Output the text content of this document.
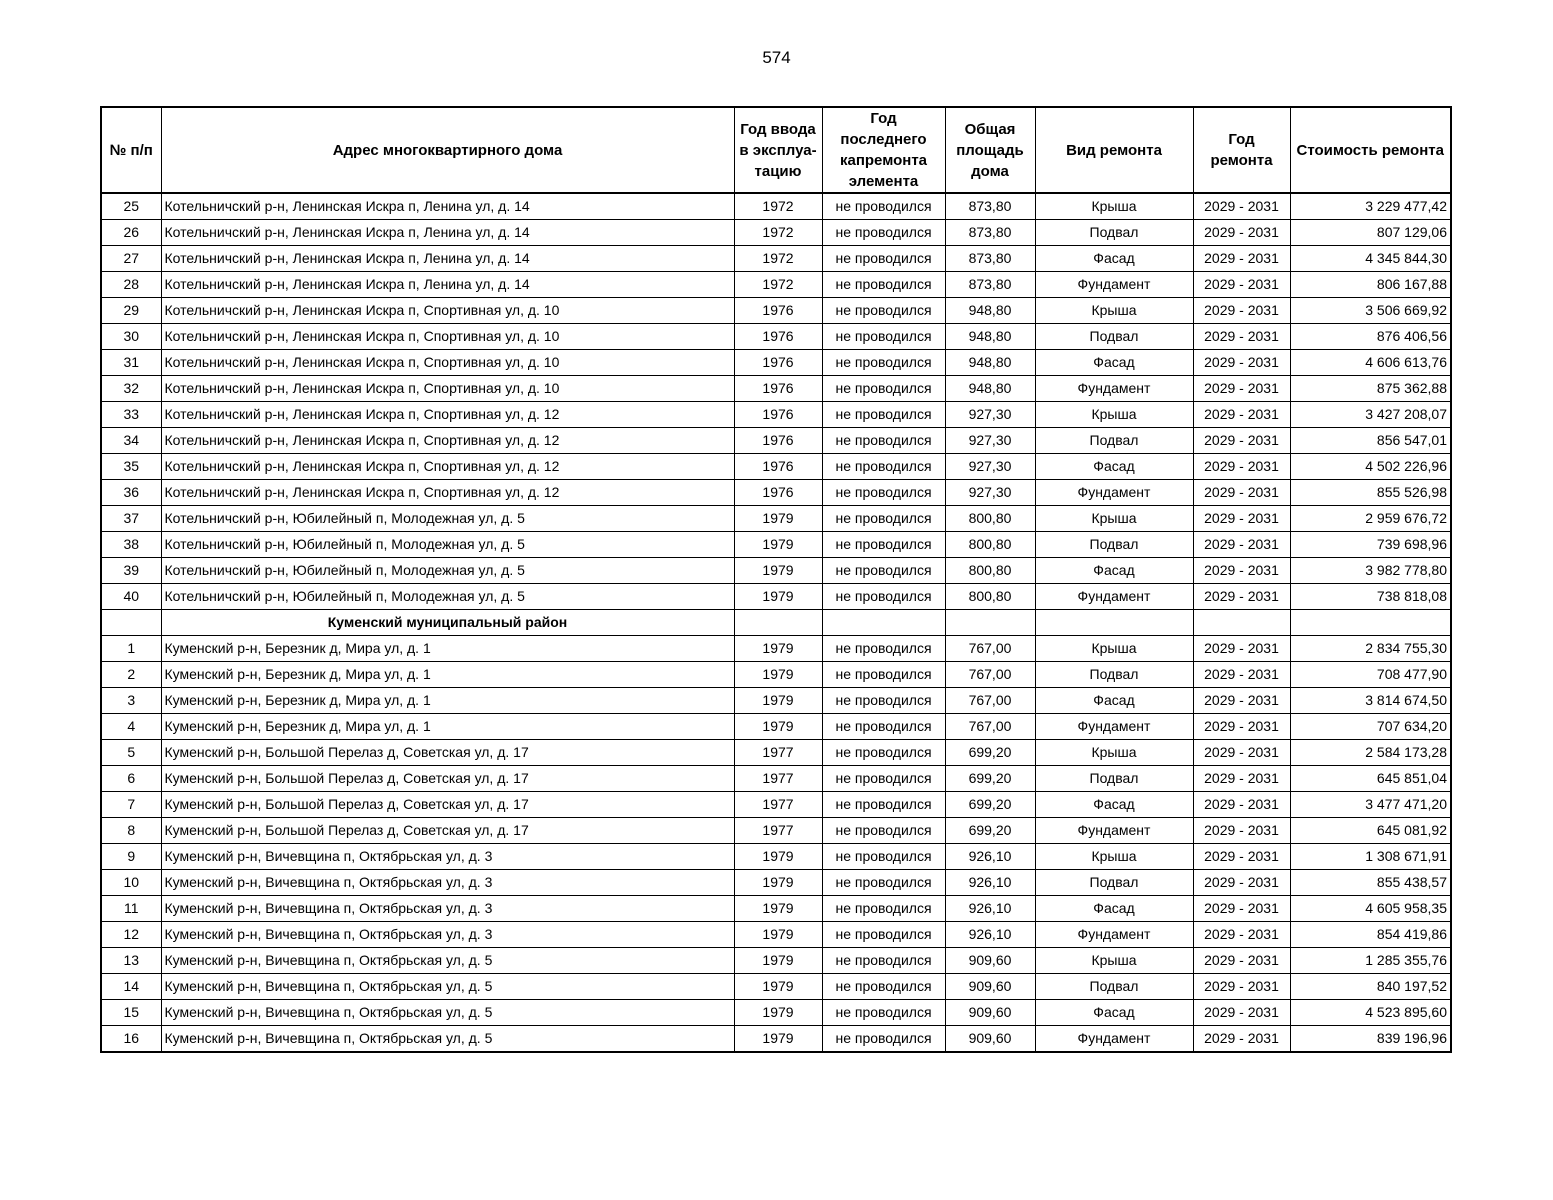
574
№ п/п	Адрес многоквартирного дома	Год ввода в эксплуа-тацию	Год последнего капремонта элемента	Общая площадь дома	Вид ремонта	Год ремонта	Стоимость ремонта
25	Котельничский р-н, Ленинская Искра п, Ленина ул, д. 14	1972	не проводился	873,80	Крыша	2029 - 2031	3 229 477,42
26	Котельничский р-н, Ленинская Искра п, Ленина ул, д. 14	1972	не проводился	873,80	Подвал	2029 - 2031	807 129,06
27	Котельничский р-н, Ленинская Искра п, Ленина ул, д. 14	1972	не проводился	873,80	Фасад	2029 - 2031	4 345 844,30
28	Котельничский р-н, Ленинская Искра п, Ленина ул, д. 14	1972	не проводился	873,80	Фундамент	2029 - 2031	806 167,88
29	Котельничский р-н, Ленинская Искра п, Спортивная ул, д. 10	1976	не проводился	948,80	Крыша	2029 - 2031	3 506 669,92
30	Котельничский р-н, Ленинская Искра п, Спортивная ул, д. 10	1976	не проводился	948,80	Подвал	2029 - 2031	876 406,56
31	Котельничский р-н, Ленинская Искра п, Спортивная ул, д. 10	1976	не проводился	948,80	Фасад	2029 - 2031	4 606 613,76
32	Котельничский р-н, Ленинская Искра п, Спортивная ул, д. 10	1976	не проводился	948,80	Фундамент	2029 - 2031	875 362,88
33	Котельничский р-н, Ленинская Искра п, Спортивная ул, д. 12	1976	не проводился	927,30	Крыша	2029 - 2031	3 427 208,07
34	Котельничский р-н, Ленинская Искра п, Спортивная ул, д. 12	1976	не проводился	927,30	Подвал	2029 - 2031	856 547,01
35	Котельничский р-н, Ленинская Искра п, Спортивная ул, д. 12	1976	не проводился	927,30	Фасад	2029 - 2031	4 502 226,96
36	Котельничский р-н, Ленинская Искра п, Спортивная ул, д. 12	1976	не проводился	927,30	Фундамент	2029 - 2031	855 526,98
37	Котельничский р-н, Юбилейный п, Молодежная ул, д. 5	1979	не проводился	800,80	Крыша	2029 - 2031	2 959 676,72
38	Котельничский р-н, Юбилейный п, Молодежная ул, д. 5	1979	не проводился	800,80	Подвал	2029 - 2031	739 698,96
39	Котельничский р-н, Юбилейный п, Молодежная ул, д. 5	1979	не проводился	800,80	Фасад	2029 - 2031	3 982 778,80
40	Котельничский р-н, Юбилейный п, Молодежная ул, д. 5	1979	не проводился	800,80	Фундамент	2029 - 2031	738 818,08
	Куменский муниципальный район						
1	Куменский р-н, Березник д, Мира ул, д. 1	1979	не проводился	767,00	Крыша	2029 - 2031	2 834 755,30
2	Куменский р-н, Березник д, Мира ул, д. 1	1979	не проводился	767,00	Подвал	2029 - 2031	708 477,90
3	Куменский р-н, Березник д, Мира ул, д. 1	1979	не проводился	767,00	Фасад	2029 - 2031	3 814 674,50
4	Куменский р-н, Березник д, Мира ул, д. 1	1979	не проводился	767,00	Фундамент	2029 - 2031	707 634,20
5	Куменский р-н, Большой Перелаз д, Советская ул, д. 17	1977	не проводился	699,20	Крыша	2029 - 2031	2 584 173,28
6	Куменский р-н, Большой Перелаз д, Советская ул, д. 17	1977	не проводился	699,20	Подвал	2029 - 2031	645 851,04
7	Куменский р-н, Большой Перелаз д, Советская ул, д. 17	1977	не проводился	699,20	Фасад	2029 - 2031	3 477 471,20
8	Куменский р-н, Большой Перелаз д, Советская ул, д. 17	1977	не проводился	699,20	Фундамент	2029 - 2031	645 081,92
9	Куменский р-н, Вичевщина п, Октябрьская ул, д. 3	1979	не проводился	926,10	Крыша	2029 - 2031	1 308 671,91
10	Куменский р-н, Вичевщина п, Октябрьская ул, д. 3	1979	не проводился	926,10	Подвал	2029 - 2031	855 438,57
11	Куменский р-н, Вичевщина п, Октябрьская ул, д. 3	1979	не проводился	926,10	Фасад	2029 - 2031	4 605 958,35
12	Куменский р-н, Вичевщина п, Октябрьская ул, д. 3	1979	не проводился	926,10	Фундамент	2029 - 2031	854 419,86
13	Куменский р-н, Вичевщина п, Октябрьская ул, д. 5	1979	не проводился	909,60	Крыша	2029 - 2031	1 285 355,76
14	Куменский р-н, Вичевщина п, Октябрьская ул, д. 5	1979	не проводился	909,60	Подвал	2029 - 2031	840 197,52
15	Куменский р-н, Вичевщина п, Октябрьская ул, д. 5	1979	не проводился	909,60	Фасад	2029 - 2031	4 523 895,60
16	Куменский р-н, Вичевщина п, Октябрьская ул, д. 5	1979	не проводился	909,60	Фундамент	2029 - 2031	839 196,96
